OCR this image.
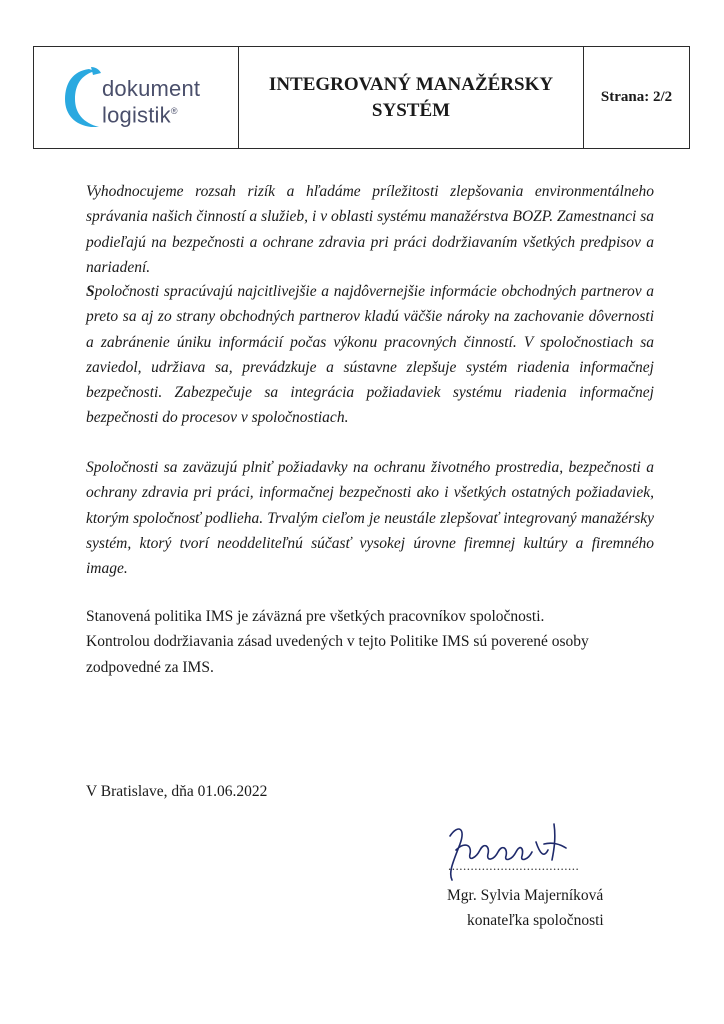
dokument
logistik®
INTEGROVANÝ MANAŽÉRSKY
SYSTÉM
Strana: 2/2

Vyhodnocujeme rozsah rizík a hľadáme príležitosti zlepšovania environmentálneho správania našich činností a služieb, i v oblasti systému manažérstva BOZP. Zamestnanci sa podieľajú na bezpečnosti a ochrane zdravia pri práci dodržiavaním všetkých predpisov a nariadení.

Spoločnosti spracúvajú najcitlivejšie a najdôvernejšie informácie obchodných partnerov a preto sa aj zo strany obchodných partnerov kladú väčšie nároky na zachovanie dôvernosti a zabránenie úniku informácií počas výkonu pracovných činností. V spoločnostiach sa zaviedol, udržiava sa, prevádzkuje a sústavne zlepšuje systém riadenia informačnej bezpečnosti. Zabezpečuje sa integrácia požiadaviek systému riadenia informačnej bezpečnosti do procesov v spoločnostiach.

Spoločnosti sa zaväzujú plniť požiadavky na ochranu životného prostredia, bezpečnosti a ochrany zdravia pri práci, informačnej bezpečnosti ako i všetkých ostatných požiadaviek, ktorým spoločnosť podlieha. Trvalým cieľom je neustále zlepšovať integrovaný manažérsky systém, ktorý tvorí neoddeliteľnú súčasť vysokej úrovne firemnej kultúry a firemného image.

Stanovená politika IMS je záväzná pre všetkých pracovníkov spoločnosti.

Kontrolou dodržiavania zásad uvedených v tejto Politike IMS sú poverené osoby zodpovedné za IMS.

V Bratislave, dňa 01.06.2022
...................................
Mgr. Sylvia Majerníková
konateľka spoločnosti
